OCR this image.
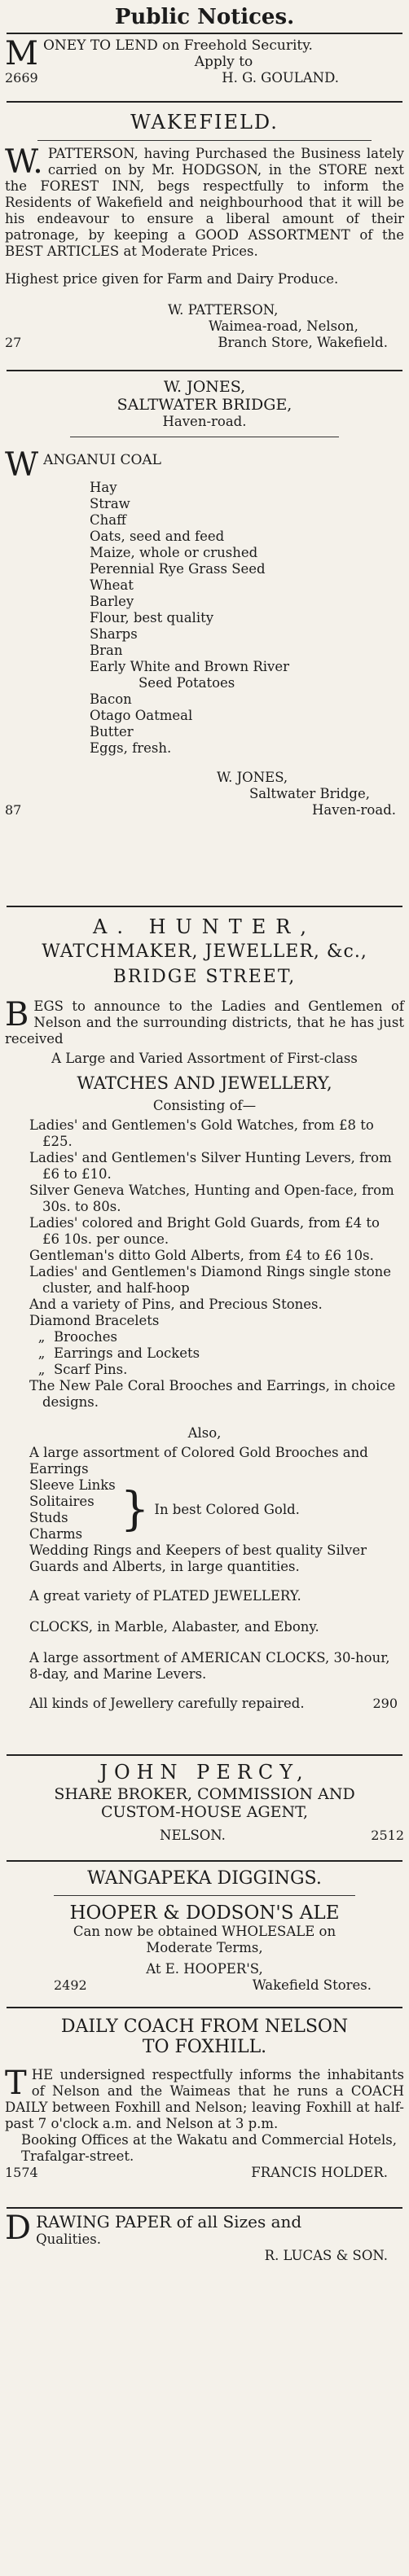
Public Notices.
M ONEY TO LEND on Freehold Security.
Apply to
2669	H. G. GOULAND.
WAKEFIELD.
W. PATTERSON, having Purchased the Business lately carried on by Mr. HODGSON, in the STORE next the FOREST INN, begs respectfully to inform the Residents of Wakefield and neighbourhood that it will be his endeavour to ensure a liberal amount of their patronage, by keeping a GOOD ASSORTMENT of the BEST ARTICLES at Moderate Prices.
Highest price given for Farm and Dairy Produce.
W. PATTERSON,
Waimea-road, Nelson,
27	Branch Store, Wakefield.
W. JONES,
SALTWATER BRIDGE,
Haven-road.
W ANGANUI COAL
Hay
Straw
Chaff
Oats, seed and feed
Maize, whole or crushed
Perennial Rye Grass Seed
Wheat
Barley
Flour, best quality
Sharps
Bran
Early White and Brown River
Seed Potatoes
Bacon
Otago Oatmeal
Butter
Eggs, fresh.
W. JONES,
Saltwater Bridge,
87	Haven-road.
A. HUNTER,
WATCHMAKER, JEWELLER, &c.,
BRIDGE STREET,
B EGS to announce to the Ladies and Gentlemen of Nelson and the surrounding districts, that he has just received
A Large and Varied Assortment of First-class
WATCHES AND JEWELLERY,
Consisting of—
Ladies' and Gentlemen's Gold Watches, from £8 to £25.
Ladies' and Gentlemen's Silver Hunting Levers, from £6 to £10.
Silver Geneva Watches, Hunting and Open-face, from 30s. to 80s.
Ladies' colored and Bright Gold Guards, from £4 to £6 10s. per ounce.
Gentleman's ditto Gold Alberts, from £4 to £6 10s.
Ladies' and Gentlemen's Diamond Rings single stone cluster, and half-hoop
And a variety of Pins, and Precious Stones.
Diamond Bracelets
„ Brooches
„ Earrings and Lockets
„ Scarf Pins.
The New Pale Coral Brooches and Earrings, in choice designs.
Also,
A large assortment of Colored Gold Brooches and Earrings
Sleeve Links
Solitaires
Studs
Charms } In best Colored Gold.
Wedding Rings and Keepers of best quality Silver Guards and Alberts, in large quantities.
A great variety of PLATED JEWELLERY.
CLOCKS, in Marble, Alabaster, and Ebony.
A large assortment of AMERICAN CLOCKS, 30-hour, 8-day, and Marine Levers.
All kinds of Jewellery carefully repaired.	290
JOHN PERCY,
SHARE BROKER, COMMISSION AND
CUSTOM-HOUSE AGENT,
NELSON.	2512
WANGAPEKA DIGGINGS.
HOOPER & DODSON'S ALE
Can now be obtained WHOLESALE on
Moderate Terms,
At E. HOOPER'S,
2492	Wakefield Stores.
DAILY COACH FROM NELSON
TO FOXHILL.
T HE undersigned respectfully informs the inhabitants of Nelson and the Waimeas that he runs a COACH DAILY between Foxhill and Nelson; leaving Foxhill at half-past 7 o'clock a.m. and Nelson at 3 p.m.
Booking Offices at the Wakatu and Commercial Hotels, Trafalgar-street.
1574	FRANCIS HOLDER.
D RAWING PAPER of all Sizes and
Qualities.
R. LUCAS & SON.
